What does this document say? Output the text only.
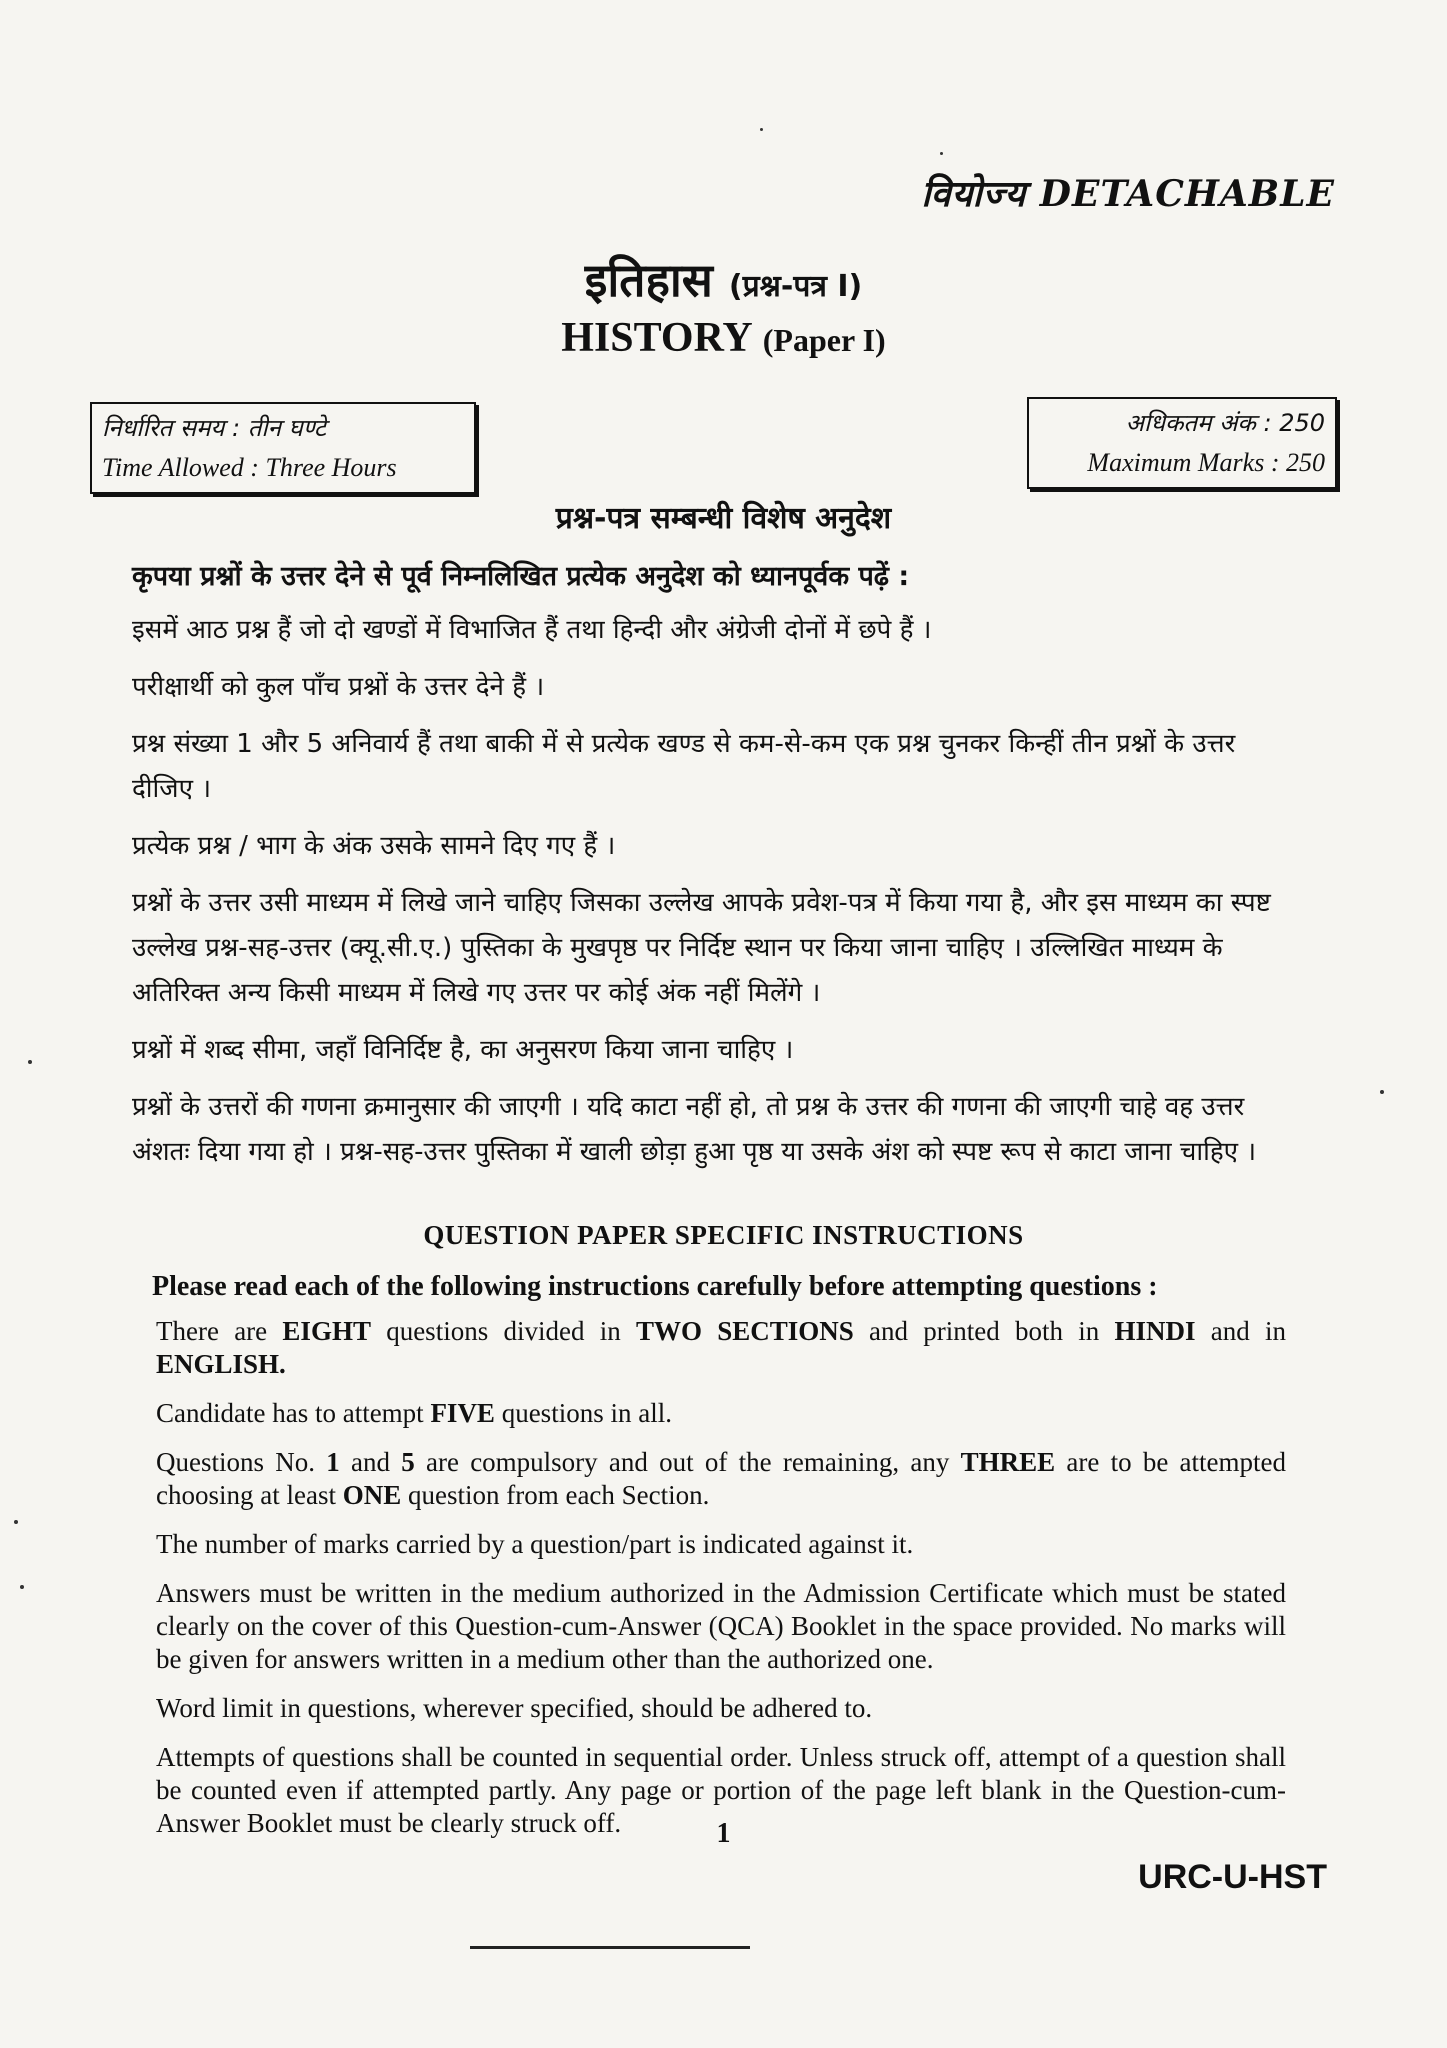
वियोज्य DETACHABLE
इतिहास (प्रश्न-पत्र I)
HISTORY (Paper I)
निर्धारित समय : तीन घण्टे
Time Allowed : Three Hours
अधिकतम अंक : 250
Maximum Marks : 250
प्रश्न-पत्र सम्बन्धी विशेष अनुदेश
कृपया प्रश्नों के उत्तर देने से पूर्व निम्नलिखित प्रत्येक अनुदेश को ध्यानपूर्वक पढ़ें :

इसमें आठ प्रश्न हैं जो दो खण्डों में विभाजित हैं तथा हिन्दी और अंग्रेजी दोनों में छपे हैं ।

परीक्षार्थी को कुल पाँच प्रश्नों के उत्तर देने हैं ।

प्रश्न संख्या 1 और 5 अनिवार्य हैं तथा बाकी में से प्रत्येक खण्ड से कम-से-कम एक प्रश्न चुनकर किन्हीं तीन प्रश्नों के उत्तर दीजिए ।

प्रत्येक प्रश्न / भाग के अंक उसके सामने दिए गए हैं ।

प्रश्नों के उत्तर उसी माध्यम में लिखे जाने चाहिए जिसका उल्लेख आपके प्रवेश-पत्र में किया गया है, और इस माध्यम का स्पष्ट उल्लेख प्रश्न-सह-उत्तर (क्यू.सी.ए.) पुस्तिका के मुखपृष्ठ पर निर्दिष्ट स्थान पर किया जाना चाहिए । उल्लिखित माध्यम के अतिरिक्त अन्य किसी माध्यम में लिखे गए उत्तर पर कोई अंक नहीं मिलेंगे ।

प्रश्नों में शब्द सीमा, जहाँ विनिर्दिष्ट है, का अनुसरण किया जाना चाहिए ।

प्रश्नों के उत्तरों की गणना क्रमानुसार की जाएगी । यदि काटा नहीं हो, तो प्रश्न के उत्तर की गणना की जाएगी चाहे वह उत्तर अंशतः दिया गया हो । प्रश्न-सह-उत्तर पुस्तिका में खाली छोड़ा हुआ पृष्ठ या उसके अंश को स्पष्ट रूप से काटा जाना चाहिए ।

QUESTION PAPER SPECIFIC INSTRUCTIONS
Please read each of the following instructions carefully before attempting questions :

There are EIGHT questions divided in TWO SECTIONS and printed both in HINDI and in ENGLISH.

Candidate has to attempt FIVE questions in all.

Questions No. 1 and 5 are compulsory and out of the remaining, any THREE are to be attempted choosing at least ONE question from each Section.

The number of marks carried by a question/part is indicated against it.

Answers must be written in the medium authorized in the Admission Certificate which must be stated clearly on the cover of this Question-cum-Answer (QCA) Booklet in the space provided. No marks will be given for answers written in a medium other than the authorized one.

Word limit in questions, wherever specified, should be adhered to.

Attempts of questions shall be counted in sequential order. Unless struck off, attempt of a question shall be counted even if attempted partly. Any page or portion of the page left blank in the Question-cum-Answer Booklet must be clearly struck off.	1
URC-U-HST
